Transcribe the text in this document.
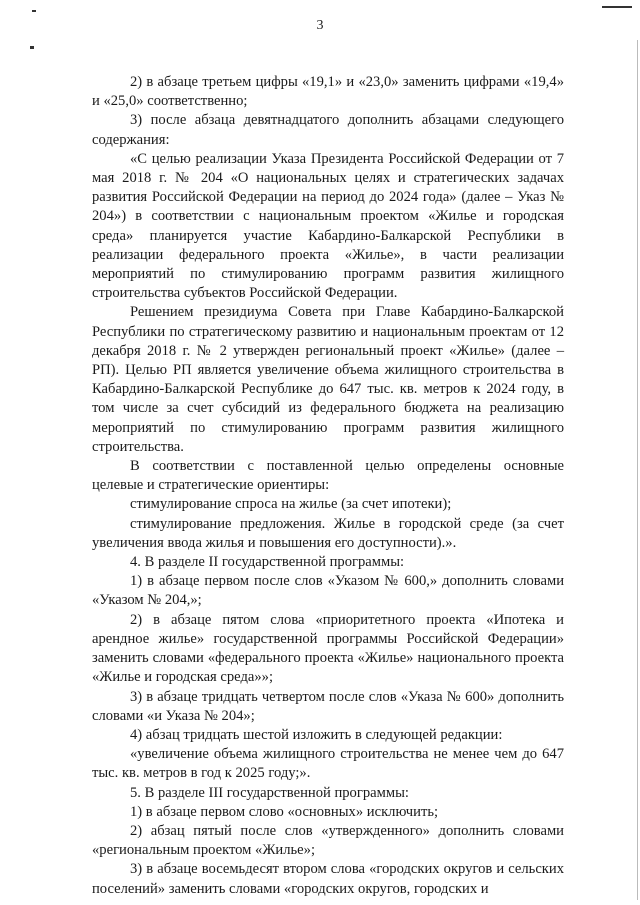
3

2) в абзаце третьем цифры «19,1» и «23,0» заменить цифрами «19,4» и «25,0» соответственно;

3) после абзаца девятнадцатого дополнить абзацами следующего содержания:

«С целью реализации Указа Президента Российской Федерации от 7 мая 2018 г. № 204 «О национальных целях и стратегических задачах развития Российской Федерации на период до 2024 года» (далее – Указ № 204») в соответствии с национальным проектом «Жилье и городская среда» планируется участие Кабардино-Балкарской Республики в реализации федерального проекта «Жилье», в части реализации мероприятий по стимулированию программ развития жилищного строительства субъектов Российской Федерации.

Решением президиума Совета при Главе Кабардино-Балкарской Республики по стратегическому развитию и национальным проектам от 12 декабря 2018 г. № 2 утвержден региональный проект «Жилье» (далее – РП). Целью РП является увеличение объема жилищного строительства в Кабардино-Балкарской Республике до 647 тыс. кв. метров к 2024 году, в том числе за счет субсидий из федерального бюджета на реализацию мероприятий по стимулированию программ развития жилищного строительства.

В соответствии с поставленной целью определены основные целевые и стратегические ориентиры:

стимулирование спроса на жилье (за счет ипотеки);

стимулирование предложения. Жилье в городской среде (за счет увеличения ввода жилья и повышения его доступности).».

4. В разделе II государственной программы:

1) в абзаце первом после слов «Указом № 600,» дополнить словами «Указом № 204,»;

2) в абзаце пятом слова «приоритетного проекта «Ипотека и арендное жилье» государственной программы Российской Федерации» заменить словами «федерального проекта «Жилье» национального проекта «Жилье и городская среда»»;

3) в абзаце тридцать четвертом после слов «Указа № 600» дополнить словами «и Указа № 204»;

4) абзац тридцать шестой изложить в следующей редакции:

«увеличение объема жилищного строительства не менее чем до 647 тыс. кв. метров в год к 2025 году;».

5. В разделе III государственной программы:

1) в абзаце первом слово «основных» исключить;

2) абзац пятый после слов «утвержденного» дополнить словами «региональным проектом «Жилье»;

3) в абзаце восемьдесят втором слова «городских округов и сельских поселений» заменить словами «городских округов, городских и
